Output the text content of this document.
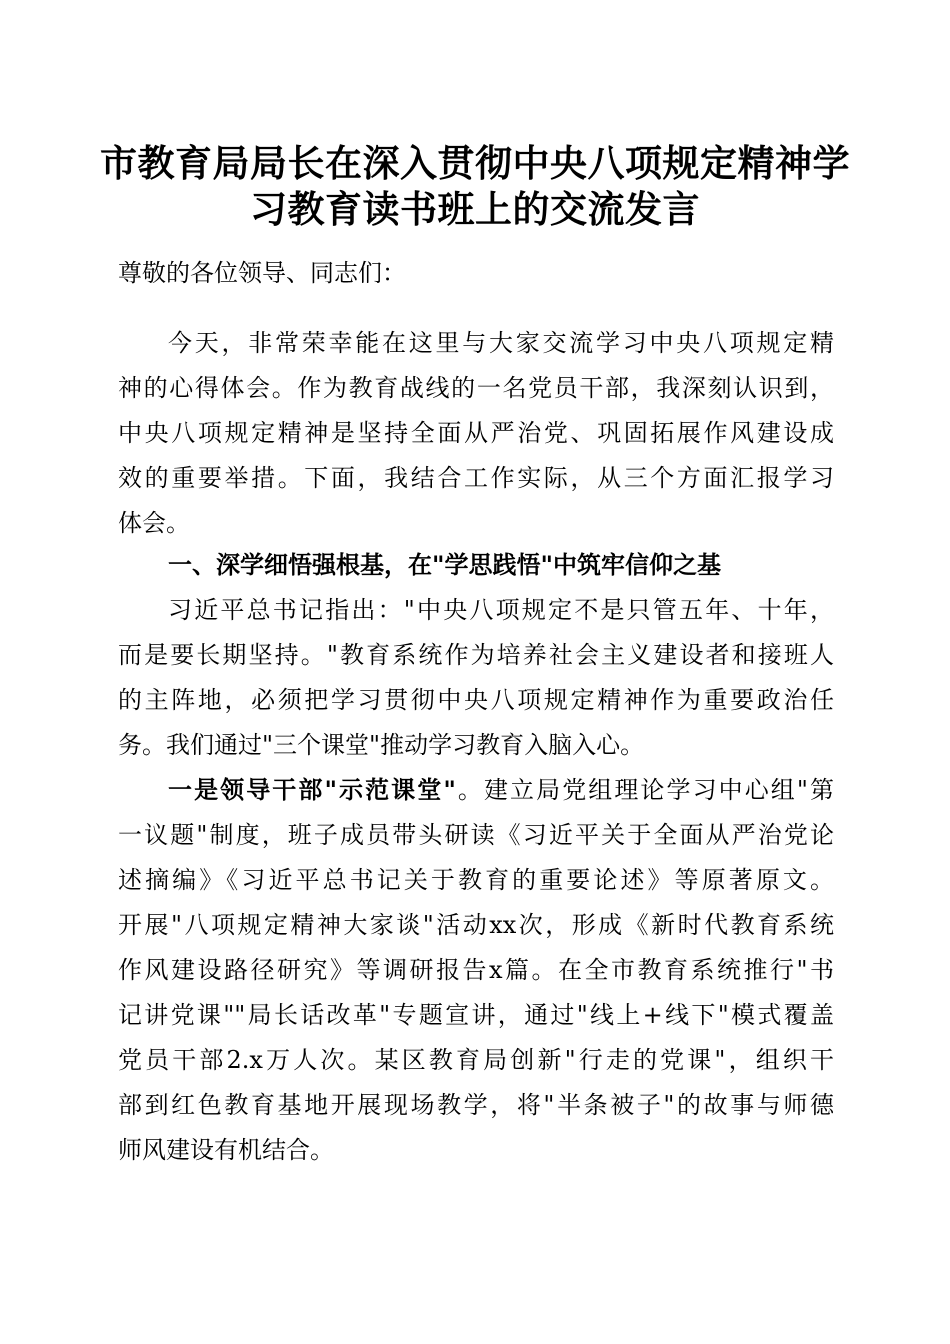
市教育局局长在深入贯彻中央八项规定精神学
习教育读书班上的交流发言

尊敬的各位领导、同志们：

今天，非常荣幸能在这里与大家交流学习中央八项规定精

神的心得体会。作为教育战线的一名党员干部，我深刻认识到，

中央八项规定精神是坚持全面从严治党、巩固拓展作风建设成

效的重要举措。下面，我结合工作实际，从三个方面汇报学习

体会。

一、深学细悟强根基，在"学思践悟"中筑牢信仰之基

习近平总书记指出："中央八项规定不是只管五年、十年，

而是要长期坚持。"教育系统作为培养社会主义建设者和接班人

的主阵地，必须把学习贯彻中央八项规定精神作为重要政治任

务。我们通过"三个课堂"推动学习教育入脑入心。

一是领导干部"示范课堂"。建立局党组理论学习中心组"第

一议题"制度，班子成员带头研读《习近平关于全面从严治党论

述摘编》《习近平总书记关于教育的重要论述》等原著原文。

开展"八项规定精神大家谈"活动xx次，形成《新时代教育系统

作风建设路径研究》等调研报告x篇。在全市教育系统推行"书

记讲党课""局长话改革"专题宣讲，通过"线上+线下"模式覆盖

党员干部2.x万人次。某区教育局创新"行走的党课"，组织干

部到红色教育基地开展现场教学，将"半条被子"的故事与师德

师风建设有机结合。
